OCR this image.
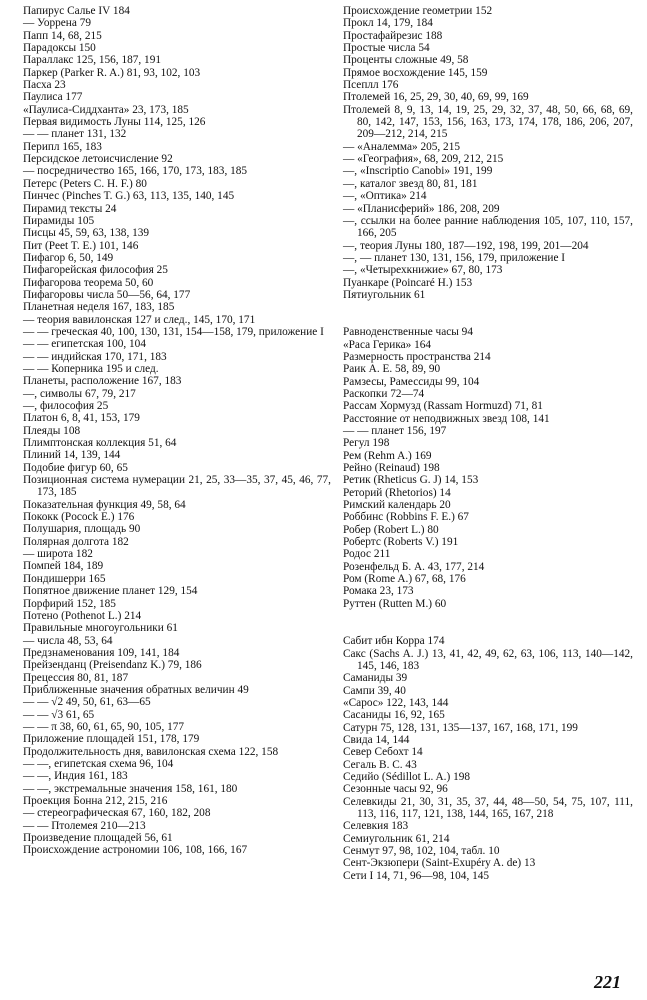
Папирус Салье IV 184
— Уоррена 79
Папп 14, 68, 215
Парадоксы 150
Параллакс 125, 156, 187, 191
Паркер (Parker R. A.) 81, 93, 102, 103
Пасха 23
Паулиса 177
«Паулиса-Сиддханта» 23, 173, 185
Первая видимость Луны 114, 125, 126
— — планет 131, 132
Перипл 165, 183
Персидское летоисчисление 92
— посредничество 165, 166, 170, 173, 183, 185
Петерс (Peters C. H. F.) 80
Пинчес (Pinches T. G.) 63, 113, 135, 140, 145
Пирамид тексты 24
Пирамиды 105
Писцы 45, 59, 63, 138, 139
Пит (Peet T. E.) 101, 146
Пифагор 6, 50, 149
Пифагорейская философия 25
Пифагорова теорема 50, 60
Пифагоровы числа 50—56, 64, 177
Планетная неделя 167, 183, 185
— теория вавилонская 127 и след., 145, 170, 171
— — греческая 40, 100, 130, 131, 154—158, 179, приложение I
— — египетская 100, 104
— — индийская 170, 171, 183
— — Коперника 195 и след.
Планеты, расположение 167, 183
—, символы 67, 79, 217
—, философия 25
Платон 6, 8, 41, 153, 179
Плеяды 108
Плимптонская коллекция 51, 64
Плиний 14, 139, 144
Подобие фигур 60, 65
Позиционная система нумерации 21, 25, 33—35, 37, 45, 46, 77, 173, 185
Показательная функция 49, 58, 64
Пококк (Pocock E.) 176
Полушария, площадь 90
Полярная долгота 182
— широта 182
Помпей 184, 189
Пондишерри 165
Попятное движение планет 129, 154
Порфирий 152, 185
Потено (Pothenot L.) 214
Правильные многоугольники 61
— числа 48, 53, 64
Предзнаменования 109, 141, 184
Прейзенданц (Preisendanz K.) 79, 186
Прецессия 80, 81, 187
Приближенные значения обратных величин 49
— — √2 49, 50, 61, 63—65
— — √3 61, 65
— — π 38, 60, 61, 65, 90, 105, 177
Приложение площадей 151, 178, 179
Продолжительность дня, вавилонская схема 122, 158
— —, египетская схема 96, 104
— —, Индия 161, 183
— —, экстремальные значения 158, 161, 180
Проекция Бонна 212, 215, 216
— стереографическая 67, 160, 182, 208
— — Птолемея 210—213
Произведение площадей 56, 61
Происхождение астрономии 106, 108, 166, 167
Происхождение геометрии 152
Прокл 14, 179, 184
Простафайрезис 188
Простые числа 54
Проценты сложные 49, 58
Прямое восхождение 145, 159
Псеплл 176
Птолемей 16, 25, 29, 30, 40, 69, 99, 169
Птолемей 8, 9, 13, 14, 19, 25, 29, 32, 37, 48, 50, 66, 68, 69, 80, 142, 147, 153, 156, 163, 173, 174, 178, 186, 206, 207, 209—212, 214, 215
— «Аналемма» 205, 215
— «География», 68, 209, 212, 215
—, «Inscriptio Canobi» 191, 199
—, каталог звезд 80, 81, 181
—, «Оптика» 214
— «Планисферий» 186, 208, 209
—, ссылки на более ранние наблюдения 105, 107, 110, 157, 166, 205
—, теория Луны 180, 187—192, 198, 199, 201—204
—, — планет 130, 131, 156, 179, приложение I
—, «Четырехкнижие» 67, 80, 173
Пуанкаре (Poincaré H.) 153
Пятиугольник 61
Равноденственные часы 94
«Раса Герика» 164
Размерность пространства 214
Раик А. Е. 58, 89, 90
Рамзесы, Рамессиды 99, 104
Раскопки 72—74
Рассам Хормузд (Rassam Hormuzd) 71, 81
Расстояние от неподвижных звезд 108, 141
— — планет 156, 197
Регул 198
Рем (Rehm A.) 169
Рейно (Reinaud) 198
Ретик (Rheticus G. J) 14, 153
Реторий (Rhetorios) 14
Римский календарь 20
Роббинс (Robbins F. E.) 67
Робер (Robert L.) 80
Робертс (Roberts V.) 191
Родос 211
Розенфельд Б. А. 43, 177, 214
Ром (Rome A.) 67, 68, 176
Ромака 23, 173
Руттен (Rutten M.) 60
Сабит ибн Корра 174
Сакс (Sachs A. J.) 13, 41, 42, 49, 62, 63, 106, 113, 140—142, 145, 146, 183
Саманиды 39
Сампи 39, 40
«Сарос» 122, 143, 144
Сасаниды 16, 92, 165
Сатурн 75, 128, 131, 135—137, 167, 168, 171, 199
Свида 14, 144
Север Себохт 14
Сегаль В. С. 43
Седийо (Sédillot L. A.) 198
Сезонные часы 92, 96
Селевкиды 21, 30, 31, 35, 37, 44, 48—50, 54, 75, 107, 111, 113, 116, 117, 121, 138, 144, 165, 167, 218
Селевкия 183
Семиугольник 61, 214
Сенмут 97, 98, 102, 104, табл. 10
Сент-Экзюпери (Saint-Exupéry A. de) 13
Сети I 14, 71, 96—98, 104, 145
221
